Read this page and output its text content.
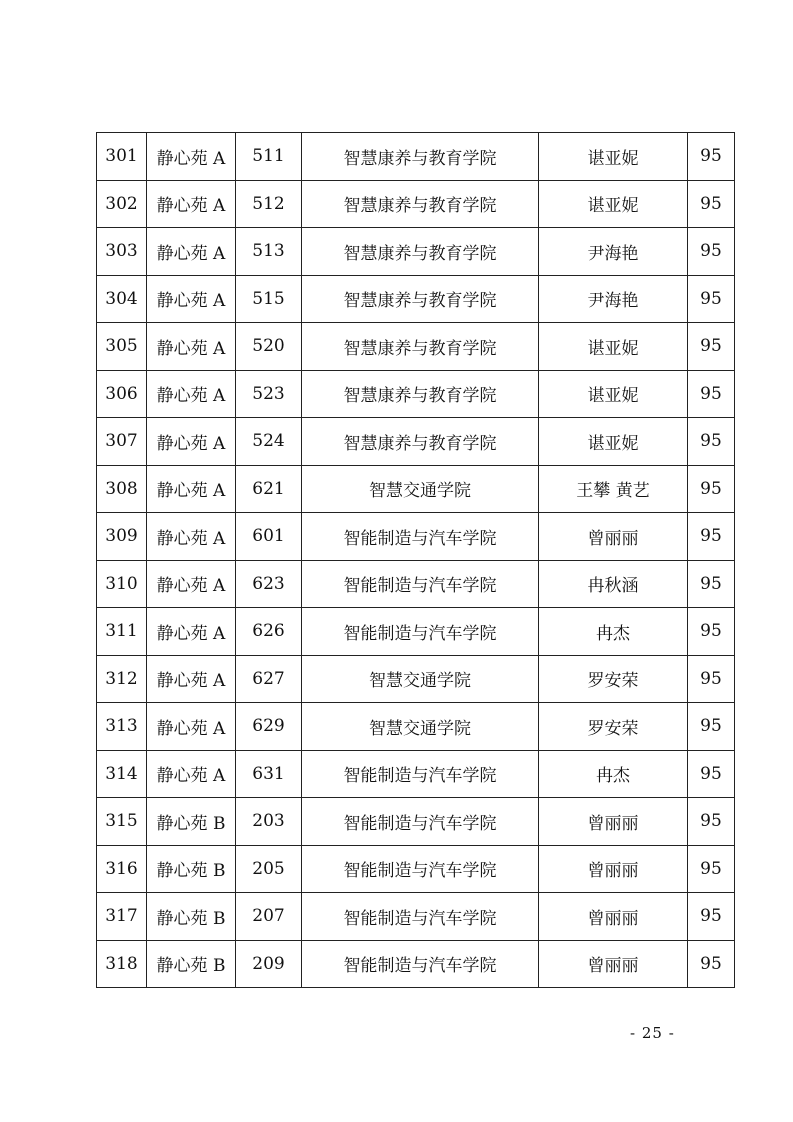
301	静心苑 A	511	智慧康养与教育学院	谌亚妮	95
302	静心苑 A	512	智慧康养与教育学院	谌亚妮	95
303	静心苑 A	513	智慧康养与教育学院	尹海艳	95
304	静心苑 A	515	智慧康养与教育学院	尹海艳	95
305	静心苑 A	520	智慧康养与教育学院	谌亚妮	95
306	静心苑 A	523	智慧康养与教育学院	谌亚妮	95
307	静心苑 A	524	智慧康养与教育学院	谌亚妮	95
308	静心苑 A	621	智慧交通学院	王攀 黄艺	95
309	静心苑 A	601	智能制造与汽车学院	曾丽丽	95
310	静心苑 A	623	智能制造与汽车学院	冉秋涵	95
311	静心苑 A	626	智能制造与汽车学院	冉杰	95
312	静心苑 A	627	智慧交通学院	罗安荣	95
313	静心苑 A	629	智慧交通学院	罗安荣	95
314	静心苑 A	631	智能制造与汽车学院	冉杰	95
315	静心苑 B	203	智能制造与汽车学院	曾丽丽	95
316	静心苑 B	205	智能制造与汽车学院	曾丽丽	95
317	静心苑 B	207	智能制造与汽车学院	曾丽丽	95
318	静心苑 B	209	智能制造与汽车学院	曾丽丽	95
- 25 -
